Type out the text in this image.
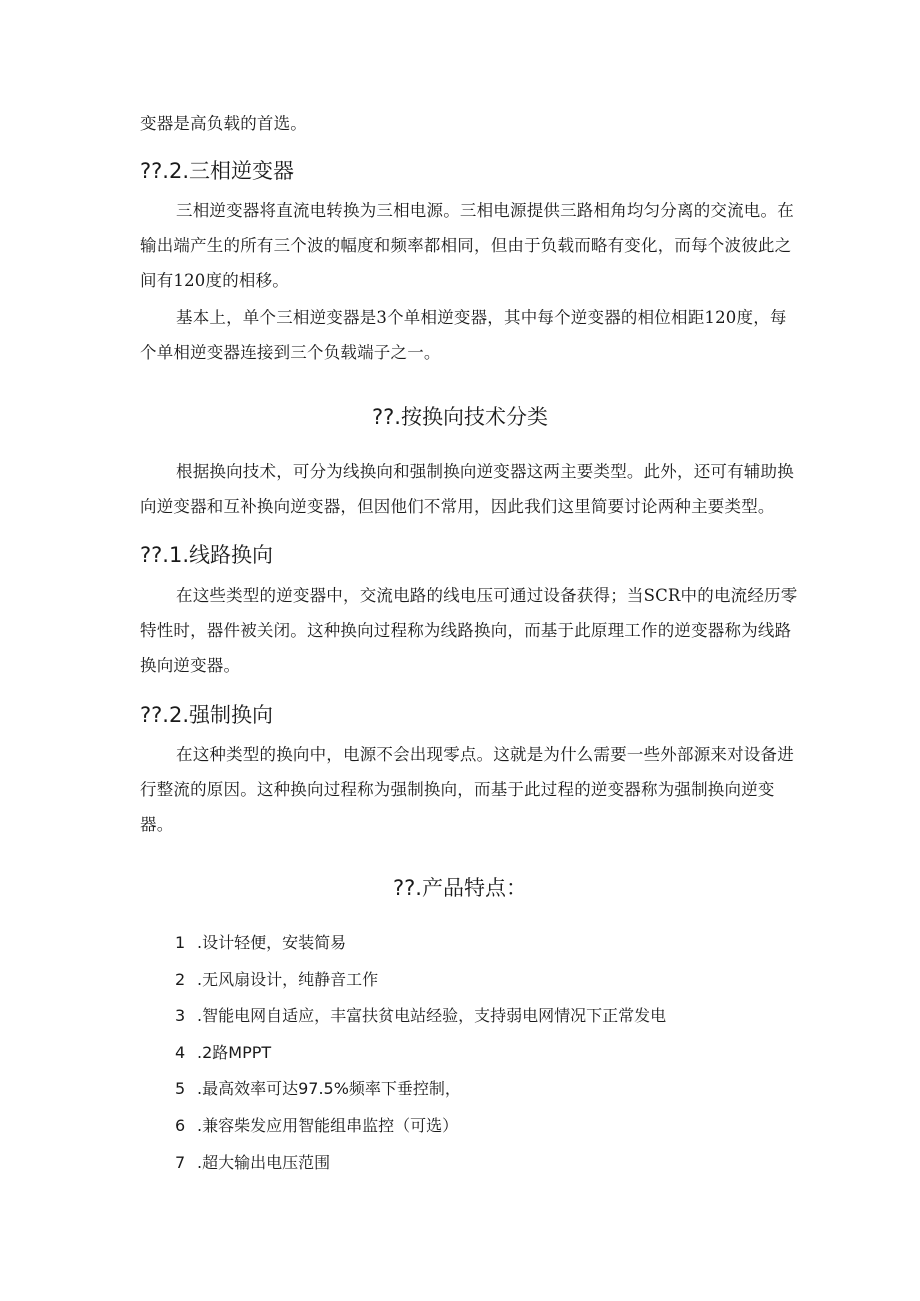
变器是高负载的首选。

??.2.三相逆变器

三相逆变器将直流电转换为三相电源。三相电源提供三路相角均匀分离的交流电。在输出端产生的所有三个波的幅度和频率都相同，但由于负载而略有变化，而每个波彼此之间有120度的相移。

基本上，单个三相逆变器是3个单相逆变器，其中每个逆变器的相位相距120度，每个单相逆变器连接到三个负载端子之一。

??.按换向技术分类

根据换向技术，可分为线换向和强制换向逆变器这两主要类型。此外，还可有辅助换向逆变器和互补换向逆变器，但因他们不常用，因此我们这里简要讨论两种主要类型。

??.1.线路换向

在这些类型的逆变器中，交流电路的线电压可通过设备获得；当SCR中的电流经历零特性时，器件被关闭。这种换向过程称为线路换向，而基于此原理工作的逆变器称为线路换向逆变器。

??.2.强制换向

在这种类型的换向中，电源不会出现零点。这就是为什么需要一些外部源来对设备进行整流的原因。这种换向过程称为强制换向，而基于此过程的逆变器称为强制换向逆变器。

??.产品特点：
1 .设计轻便，安装简易
2 .无风扇设计，纯静音工作
3 .智能电网自适应，丰富扶贫电站经验，支持弱电网情况下正常发电
4 .2路MPPT
5 .最高效率可达97.5%频率下垂控制，
6 .兼容柴发应用智能组串监控（可选）
7 .超大输出电压范围
